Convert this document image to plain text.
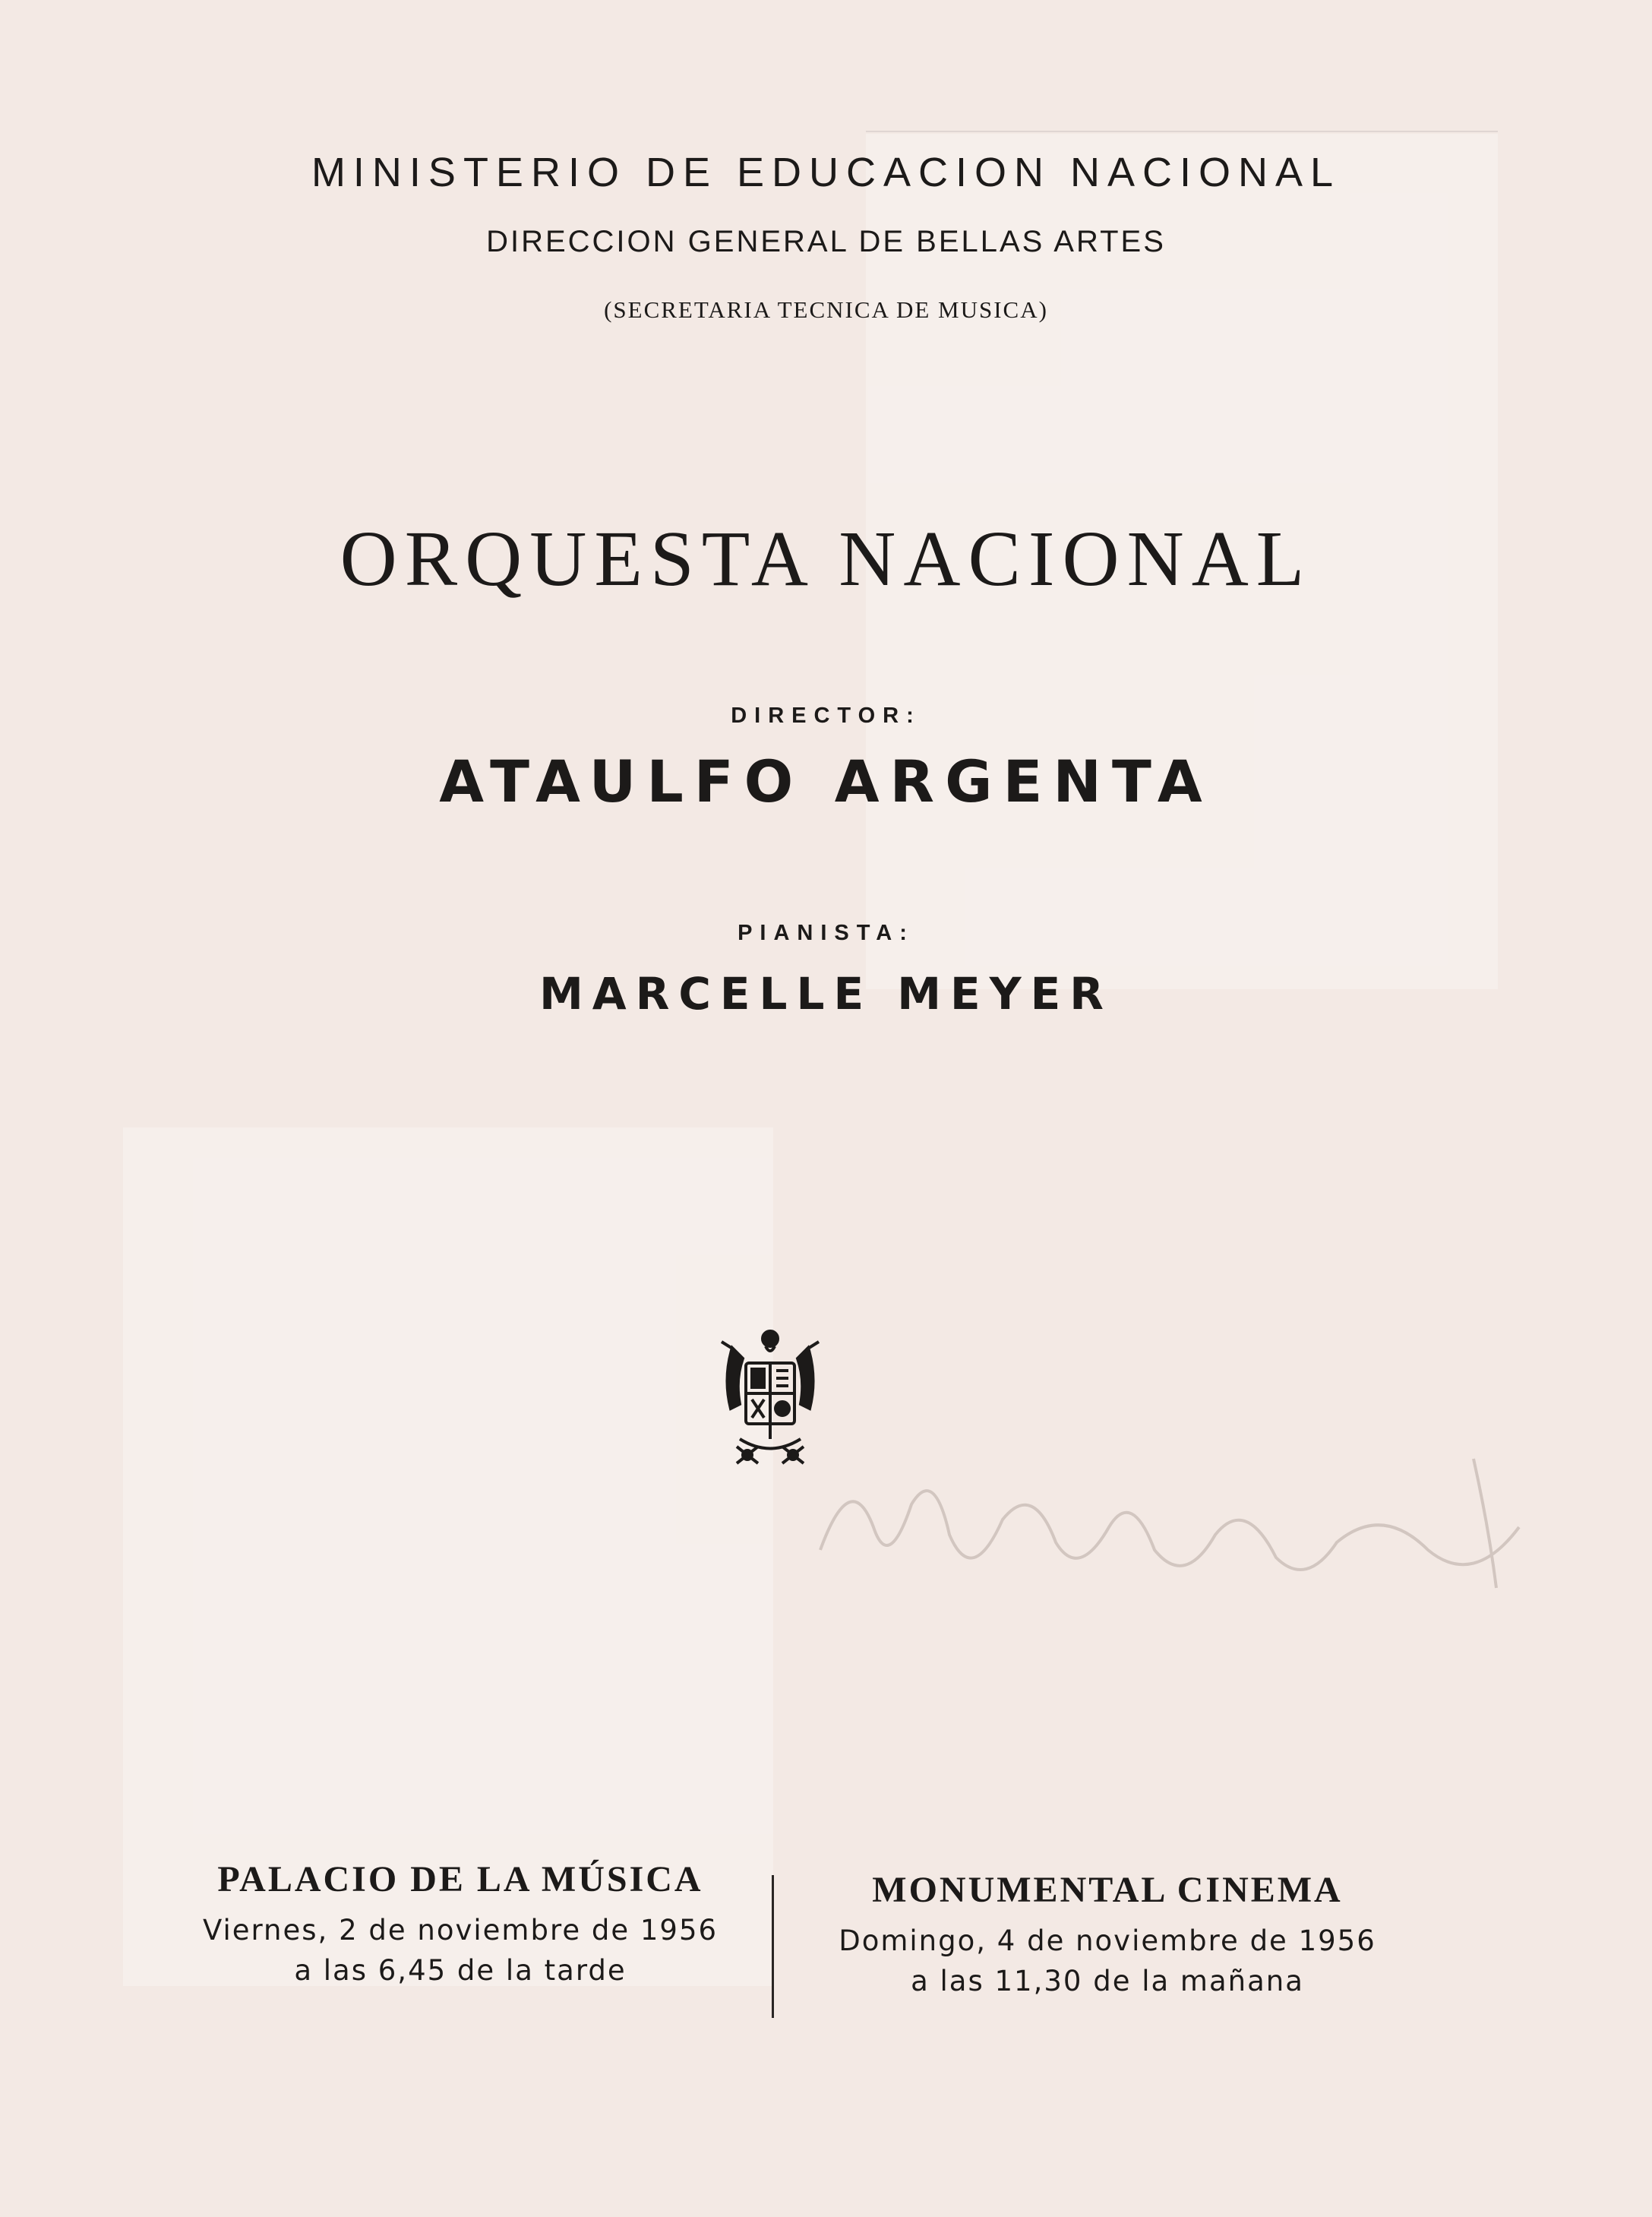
MINISTERIO DE EDUCACION NACIONAL
DIRECCION GENERAL DE BELLAS ARTES
(SECRETARIA TECNICA DE MUSICA)
ORQUESTA NACIONAL
DIRECTOR:
ATAULFO ARGENTA
PIANISTA:
MARCELLE MEYER
PALACIO DE LA MÚSICA
Viernes, 2 de noviembre de 1956
a las 6,45 de la tarde
MONUMENTAL CINEMA
Domingo, 4 de noviembre de 1956
a las 11,30 de la mañana
